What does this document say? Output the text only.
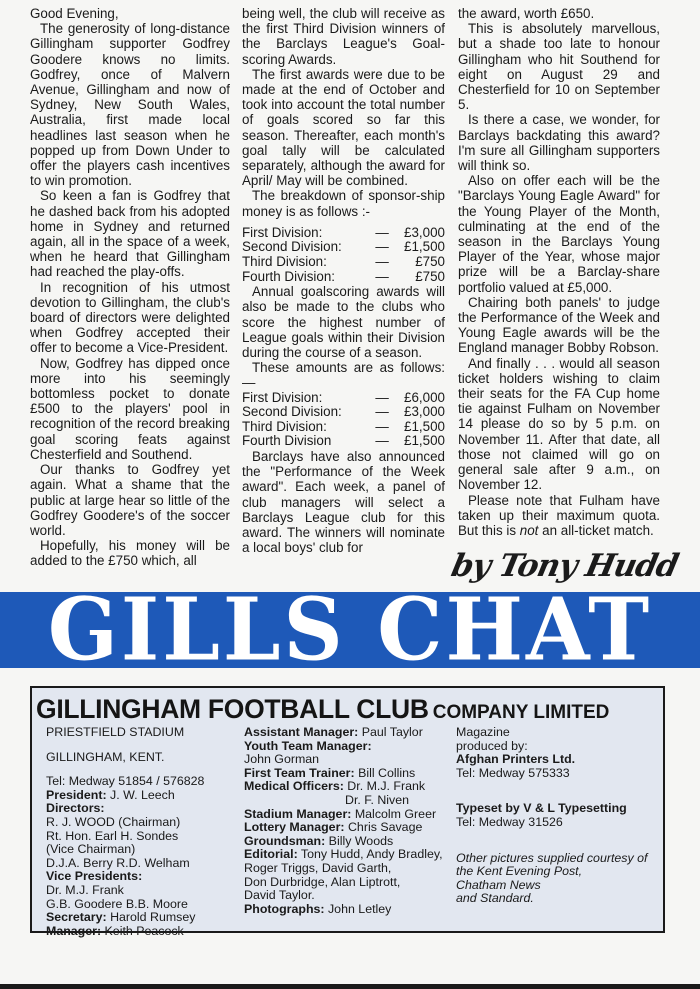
Good Evening,

The generosity of long-distance Gillingham supporter Godfrey Goodere knows no limits. Godfrey, once of Malvern Avenue, Gillingham and now of Sydney, New South Wales, Australia, first made local headlines last season when he popped up from Down Under to offer the players cash incentives to win promotion.

So keen a fan is Godfrey that he dashed back from his adopted home in Sydney and returned again, all in the space of a week, when he heard that Gillingham had reached the play-offs.

In recognition of his utmost devotion to Gillingham, the club's board of directors were delighted when Godfrey accepted their offer to become a Vice-President.

Now, Godfrey has dipped once more into his seemingly bottomless pocket to donate £500 to the players' pool in recognition of the record breaking goal scoring feats against Chesterfield and Southend.

Our thanks to Godfrey yet again. What a shame that the public at large hear so little of the Godfrey Goodere's of the soccer world.

Hopefully, his money will be added to the £750 which, all

being well, the club will receive as the first Third Division winners of the Barclays League's Goal-scoring Awards.

The first awards were due to be made at the end of October and took into account the total number of goals scored so far this season. Thereafter, each month's goal tally will be calculated separately, although the award for April/ May will be combined.

The breakdown of sponsor-ship money is as follows :-

First Division:	—	£3,000
Second Division:	—	£1,500
Third Division:	—	£750
Fourth Division:	—	£750

Annual goalscoring awards will also be made to the clubs who score the highest number of League goals within their Division during the course of a season.

These amounts are as follows:—

First Division:	—	£6,000
Second Division:	—	£3,000
Third Division:	—	£1,500
Fourth Division	—	£1,500

Barclays have also announced the "Performance of the Week award". Each week, a panel of club managers will select a Barclays League club for this award. The winners will nominate a local boys' club for

the award, worth £650.

This is absolutely marvellous, but a shade too late to honour Gillingham who hit Southend for eight on August 29 and Chesterfield for 10 on September 5.

Is there a case, we wonder, for Barclays backdating this award? I'm sure all Gillingham supporters will think so.

Also on offer each will be the "Barclays Young Eagle Award" for the Young Player of the Month, culminating at the end of the season in the Barclays Young Player of the Year, whose major prize will be a Barclay-share portfolio valued at £5,000.

Chairing both panels' to judge the Performance of the Week and Young Eagle awards will be the England manager Bobby Robson.

And finally . . . would all season ticket holders wishing to claim their seats for the FA Cup home tie against Fulham on November 14 please do so by 5 p.m. on November 11. After that date, all those not claimed will go on general sale after 9 a.m., on November 12.

Please note that Fulham have taken up their maximum quota. But this is not an all-ticket match.

by Tony Hudd
GILLS CHAT
GILLINGHAM FOOTBALL CLUB COMPANY LIMITED
PRIESTFIELD STADIUM
GILLINGHAM, KENT.
Tel: Medway 51854 / 576828
President: J. W. Leech
Directors:
R. J. WOOD (Chairman)
Rt. Hon. Earl H. Sondes
(Vice Chairman)
D.J.A. Berry R.D. Welham
Vice Presidents:
Dr. M.J. Frank
G.B. Goodere B.B. Moore
Secretary: Harold Rumsey
Manager: Keith Peacock
Assistant Manager: Paul Taylor
Youth Team Manager:
John Gorman
First Team Trainer: Bill Collins
Medical Officers: Dr. M.J. Frank
Dr. F. Niven
Stadium Manager: Malcolm Greer
Lottery Manager: Chris Savage
Groundsman: Billy Woods
Editorial: Tony Hudd, Andy Bradley,
Roger Triggs, David Garth,
Don Durbridge, Alan Liptrott,
David Taylor.
Photographs: John Letley
Magazine
produced by:
Afghan Printers Ltd.
Tel: Medway 575333
Typeset by V & L Typesetting
Tel: Medway 31526
Other pictures supplied courtesy of
the Kent Evening Post,
Chatham News
and Standard.
